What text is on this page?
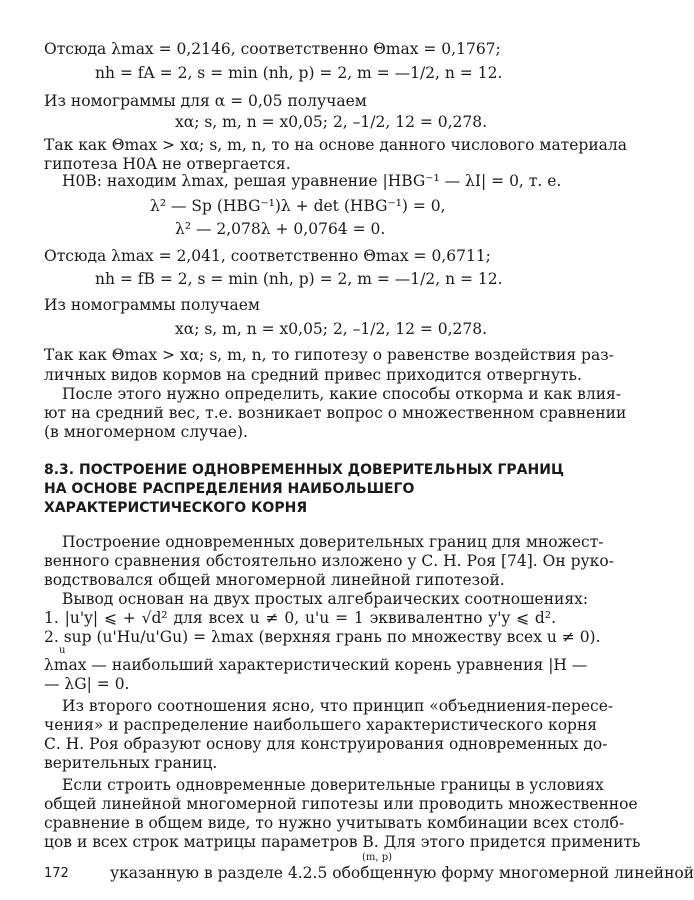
Отсюда λmax = 0,2146, соответственно Θmax = 0,1767;
nh = fA = 2, s = min (nh, p) = 2, m = —1/2, n = 12.
Из номограммы для α = 0,05 получаем
xα; s, m, n = x0,05; 2, –1/2, 12 = 0,278.
Так как Θmax > xα; s, m, n, то на основе данного числового материала
гипотеза H0A не отвергается.
H0B: находим λmax, решая уравнение |HBG⁻¹ — λI| = 0, т. е.
λ² — Sp (HBG⁻¹)λ + det (HBG⁻¹) = 0,
λ² — 2,078λ + 0,0764 = 0.
Отсюда λmax = 2,041, соответственно Θmax = 0,6711;
nh = fB = 2, s = min (nh, p) = 2, m = —1/2, n = 12.
Из номограммы получаем
xα; s, m, n = x0,05; 2, –1/2, 12 = 0,278.
Так как Θmax > xα; s, m, n, то гипотезу о равенстве воздействия раз-
личных видов кормов на средний привес приходится отвергнуть.
После этого нужно определить, какие способы откорма и как влия-
ют на средний вес, т.е. возникает вопрос о множественном сравнении
(в многомерном случае).
8.3. ПОСТРОЕНИЕ ОДНОВРЕМЕННЫХ ДОВЕРИТЕЛЬНЫХ ГРАНИЦ
НА ОСНОВЕ РАСПРЕДЕЛЕНИЯ НАИБОЛЬШЕГО
ХАРАКТЕРИСТИЧЕСКОГО КОРНЯ
Построение одновременных доверительных границ для множест-
венного сравнения обстоятельно изложено у С. Н. Роя [74]. Он руко-
водствовался общей многомерной линейной гипотезой.
Вывод основан на двух простых алгебраических соотношениях:
1. |u'y| ⩽ + √d² для всех u ≠ 0, u'u = 1 эквивалентно y'y ⩽ d².
2. sup (u'Hu/u'Gu) = λmax (верхняя грань по множеству всех u ≠ 0).
u
λmax — наибольший характеристический корень уравнения |H —
— λG| = 0.
Из второго соотношения ясно, что принцип «объедниения-пересе-
чения» и распределение наибольшего характеристического корня
С. Н. Роя образуют основу для конструирования одновременных до-
верительных границ.
Если строить одновременные доверительные границы в условиях
общей линейной многомерной гипотезы или проводить множественное
сравнение в общем виде, то нужно учитывать комбинации всех столб-
цов и всех строк матрицы параметров B. Для этого придется применить
(m, p)
указанную в разделе 4.2.5 обобщенную форму многомерной линейной
172
